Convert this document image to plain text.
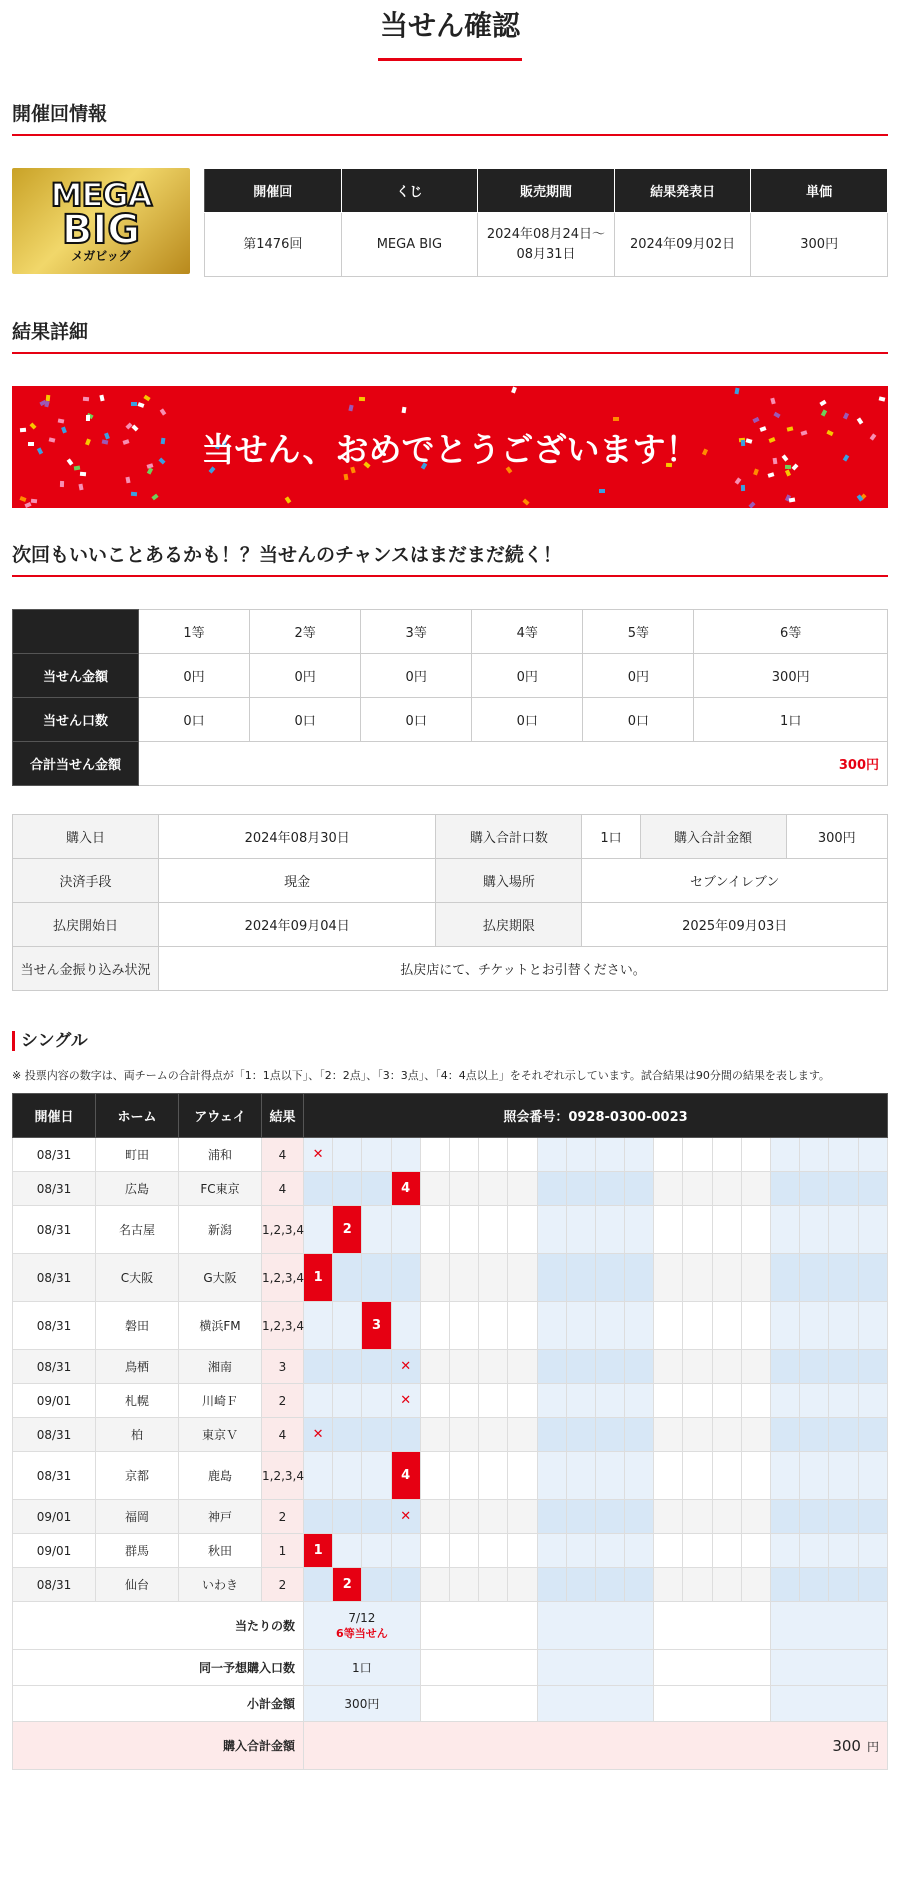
当せん確認
開催回情報
MEGA
BIG
メガビッグ
開催回	くじ	販売期間	結果発表日	単価
第1476回	MEGA BIG	2024年08月24日〜08月31日	2024年09月02日	300円
結果詳細
当せん、おめでとうございます！
次回もいいことあるかも！？当せんのチャンスはまだまだ続く！
	1等	2等	3等	4等	5等	6等
当せん金額	0円	0円	0円	0円	0円	300円
当せん口数	0口	0口	0口	0口	0口	1口
合計当せん金額	300円					
購入日	2024年08月30日	購入合計口数	1口	購入合計金額	300円
決済手段	現金	購入場所	セブンイレブン		
払戻開始日	2024年09月04日	払戻期限	2025年09月03日		
当せん金振り込み状況	払戻店にて、チケットとお引替ください。				
シングル
※ 投票内容の数字は、両チームの合計得点が「1：1点以下」、「2：2点」、「3：3点」、「4：4点以上」をそれぞれ示しています。試合結果は90分間の結果を表します。
開催日	ホーム	アウェイ	結果	照会番号：0928-0300-0023																			
08/31	町田	浦和	4	✕																			
08/31	広島	FC東京	4				4																
08/31	名古屋	新潟	1,2,3,4		2																		
08/31	C大阪	G大阪	1,2,3,4	1																			
08/31	磐田	横浜FM	1,2,3,4			3																	
08/31	鳥栖	湘南	3				✕																
09/01	札幌	川崎Ｆ	2				✕																
08/31	柏	東京Ｖ	4	✕																			
08/31	京都	鹿島	1,2,3,4				4																
09/01	福岡	神戸	2				✕																
09/01	群馬	秋田	1	1																			
08/31	仙台	いわき	2		2																		
当たりの数				7/12
6等当せん																			

同一予想購入口数				1口																			

小計金額				300円																			

購入合計金額				300 円																			
